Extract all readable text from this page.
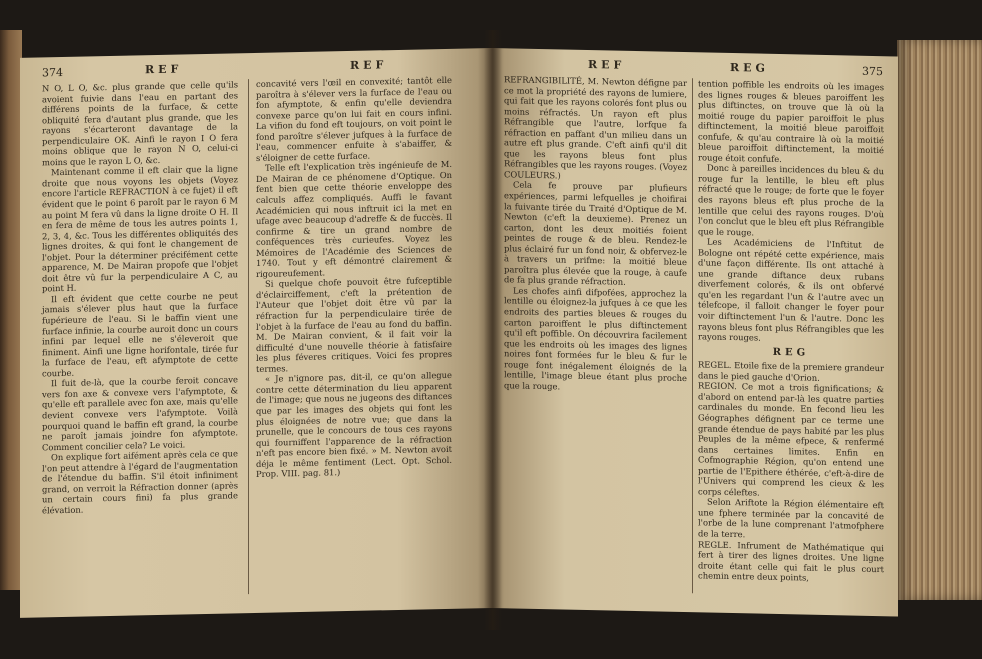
374	REF	REF

N O, L O, &c. plus grande que celle qu'ils avoient fuivie dans l'eau en partant des différens points de la furface, & cette obliquité fera d'autant plus grande, que les rayons s'écarteront davantage de la perpendiculaire OK. Ainfi le rayon I O fera moins oblique que le rayon N O, celui-ci moins que le rayon L O, &c.

Maintenant comme il eft clair que la ligne droite que nous voyons les objets (Voyez encore l'article REFRACTION à ce fujet) il eft évident que le point 6 paroît par le rayon 6 M au point M fera vû dans la ligne droite O H. Il en fera de même de tous les autres points 1, 2, 3, 4, &c. Tous les différentes obliquités des lignes droites, & qui font le changement de l'objet. Pour la déterminer précifément cette apparence, M. De Mairan propofe que l'objet doit être vû fur la perpendiculaire A C, au point H.

Il eft évident que cette courbe ne peut jamais s'élever plus haut que la furface fupérieure de l'eau. Si le baffin vient une furface infinie, la courbe auroit donc un cours infini par lequel elle ne s'éleveroit que finiment. Ainfi une ligne horifontale, tirée fur la furface de l'eau, eft afymptote de cette courbe.

Il fuit de-là, que la courbe feroit concave vers fon axe & convexe vers l'afymptote, & qu'elle eft parallele avec fon axe, mais qu'elle devient convexe vers l'afymptote. Voilà pourquoi quand le baffin eft grand, la courbe ne paroît jamais joindre fon afymptote. Comment concilier cela? Le voici.

On explique fort aifément après cela ce que l'on peut attendre à l'égard de l'augmentation de l'étendue du baffin. S'il étoit infiniment grand, on verroit la Réfraction donner (après un certain cours fini) fa plus grande élévation.

concavité vers l'œil en convexité; tantôt elle paroîtra à s'élever vers la furface de l'eau ou fon afymptote, & enfin qu'elle deviendra convexe parce qu'on lui fait en cours infini. La vifion du fond eft toujours, on voit point le fond paroître s'élever jufques à la furface de l'eau, commencer enfuite à s'abaiffer, & s'éloigner de cette furface.

Telle eft l'explication très ingénieufe de M. De Mairan de ce phénomene d'Optique. On fent bien que cette théorie enveloppe des calculs affez compliqués. Auffi le favant Académicien qui nous inftruit ici la met en ufage avec beaucoup d'adreffe & de fuccès. Il confirme & tire un grand nombre de conféquences très curieufes. Voyez les Mémoires de l'Académie des Sciences de 1740. Tout y eft démontré clairement & rigoureufement.

Si quelque chofe pouvoit être fufceptible d'éclairciffement, c'eft la prétention de l'Auteur que l'objet doit être vû par la réfraction fur la perpendiculaire tirée de l'objet à la furface de l'eau au fond du baffin. M. De Mairan convient, & il fait voir la difficulté d'une nouvelle théorie à fatisfaire les plus féveres critiques. Voici fes propres termes.

« Je n'ignore pas, dit-il, ce qu'on allegue contre cette détermination du lieu apparent de l'image; que nous ne jugeons des diftances que par les images des objets qui font les plus éloignées de notre vue; que dans la prunelle, que le concours de tous ces rayons qui fourniffent l'apparence de la réfraction n'eft pas encore bien fixé. » M. Newton avoit déja le même fentiment (Lect. Opt. Schol. Prop. VIII. pag. 81.)

REF	REG	375

REFRANGIBILITÉ, M. Newton défigne par ce mot la propriété des rayons de lumiere, qui fait que les rayons colorés font plus ou moins réfractés. Un rayon eft plus Réfrangible que l'autre, lorfque fa réfraction en paffant d'un milieu dans un autre eft plus grande. C'eft ainfi qu'il dit que les rayons bleus font plus Réfrangibles que les rayons rouges. (Voyez COULEURS.)

Cela fe prouve par plufieurs expériences, parmi lefquelles je choifirai la fuivante tirée du Traité d'Optique de M. Newton (c'eft la deuxieme). Prenez un carton, dont les deux moitiés foient peintes de rouge & de bleu. Rendez-le plus éclairé fur un fond noir, & obfervez-le à travers un prifme: la moitié bleue paroîtra plus élevée que la rouge, à caufe de fa plus grande réfraction.

Les chofes ainfi difpofées, approchez la lentille ou éloignez-la jufques à ce que les endroits des parties bleues & rouges du carton paroiffent le plus diftinctement qu'il eft poffible. On découvrira facilement que les endroits où les images des lignes noires font formées fur le bleu & fur le rouge font inégalement éloignés de la lentille, l'image bleue étant plus proche que la rouge.

tention poffible les endroits où les images des lignes rouges & bleues paroiffent les plus diftinctes, on trouve que là où la moitié rouge du papier paroiffoit le plus diftinctement, la moitié bleue paroiffoit confufe, & qu'au contraire là où la moitié bleue paroiffoit diftinctement, la moitié rouge étoit confufe.

Donc à pareilles incidences du bleu & du rouge fur la lentille, le bleu eft plus réfracté que le rouge; de forte que le foyer des rayons bleus eft plus proche de la lentille que celui des rayons rouges. D'où l'on conclut que le bleu eft plus Réfrangible que le rouge.

Les Académiciens de l'Inftitut de Bologne ont répété cette expérience, mais d'une façon différente. Ils ont attaché à une grande diftance deux rubans diverfement colorés, & ils ont obfervé qu'en les regardant l'un & l'autre avec un télefcope, il falloit changer le foyer pour voir diftinctement l'un & l'autre. Donc les rayons bleus font plus Réfrangibles que les rayons rouges.

REG

REGEL. Etoile fixe de la premiere grandeur dans le pied gauche d'Orion.

REGION. Ce mot a trois fignifications; & d'abord on entend par-là les quatre parties cardinales du monde. En fecond lieu les Géographes défignent par ce terme une grande étendue de pays habité par les plus Peuples de la même efpece, & renfermé dans certaines limites. Enfin en Cofmographie Région, qu'on entend une partie de l'Epithere éthérée, c'eft-à-dire de l'Univers qui comprend les cieux & les corps céleftes.

Selon Ariftote la Région élémentaire eft une fphere terminée par la concavité de l'orbe de la lune comprenant l'atmofphere de la terre.

REGLE. Infrument de Mathématique qui fert à tirer des lignes droites. Une ligne droite étant celle qui fait le plus court chemin entre deux points,
